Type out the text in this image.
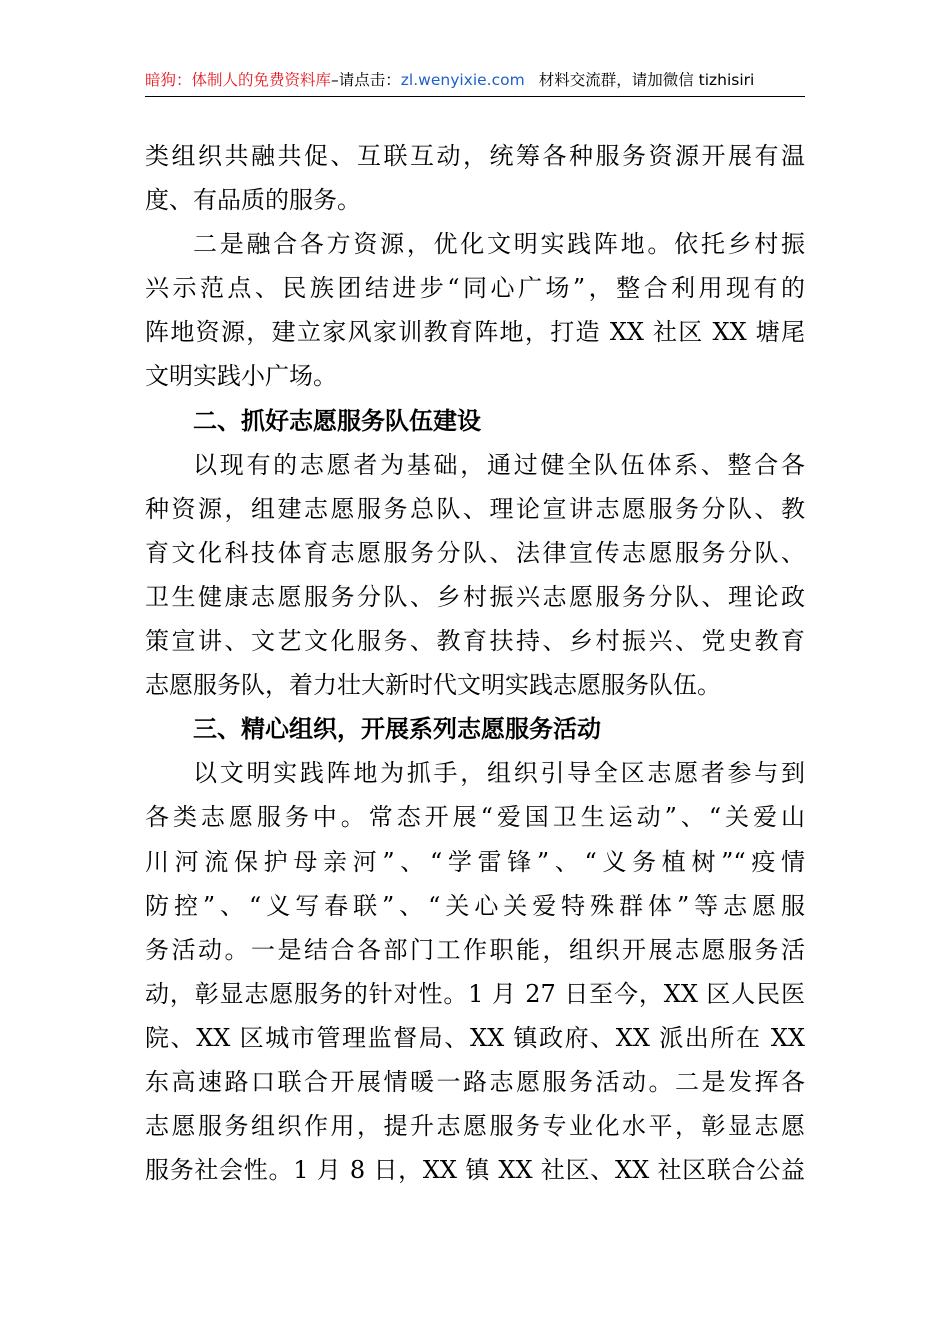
暗狗：体制人的免费资料库–请点击：zl.wenyixie.com 材料交流群，请加微信 tizhisiri
类组织共融共促、互联互动，统筹各种服务资源开展有温
度、有品质的服务。
二是融合各方资源，优化文明实践阵地。依托乡村振
兴示范点、民族团结进步“同心广场”，整合利用现有的
阵地资源，建立家风家训教育阵地，打造 XX 社区 XX 塘尾
文明实践小广场。
二、抓好志愿服务队伍建设
以现有的志愿者为基础，通过健全队伍体系、整合各
种资源，组建志愿服务总队、理论宣讲志愿服务分队、教
育文化科技体育志愿服务分队、法律宣传志愿服务分队、
卫生健康志愿服务分队、乡村振兴志愿服务分队、理论政
策宣讲、文艺文化服务、教育扶持、乡村振兴、党史教育
志愿服务队，着力壮大新时代文明实践志愿服务队伍。
三、精心组织，开展系列志愿服务活动
以文明实践阵地为抓手，组织引导全区志愿者参与到
各类志愿服务中。常态开展“爱国卫生运动”、“关爱山
川河流保护母亲河”、“学雷锋”、“义务植树”“疫情
防控”、“义写春联”、“关心关爱特殊群体”等志愿服
务活动。一是结合各部门工作职能，组织开展志愿服务活
动，彰显志愿服务的针对性。1 月 27 日至今，XX 区人民医
院、XX 区城市管理监督局、XX 镇政府、XX 派出所在 XX
东高速路口联合开展情暖一路志愿服务活动。二是发挥各
志愿服务组织作用，提升志愿服务专业化水平，彰显志愿
服务社会性。1 月 8 日，XX 镇 XX 社区、XX 社区联合公益
